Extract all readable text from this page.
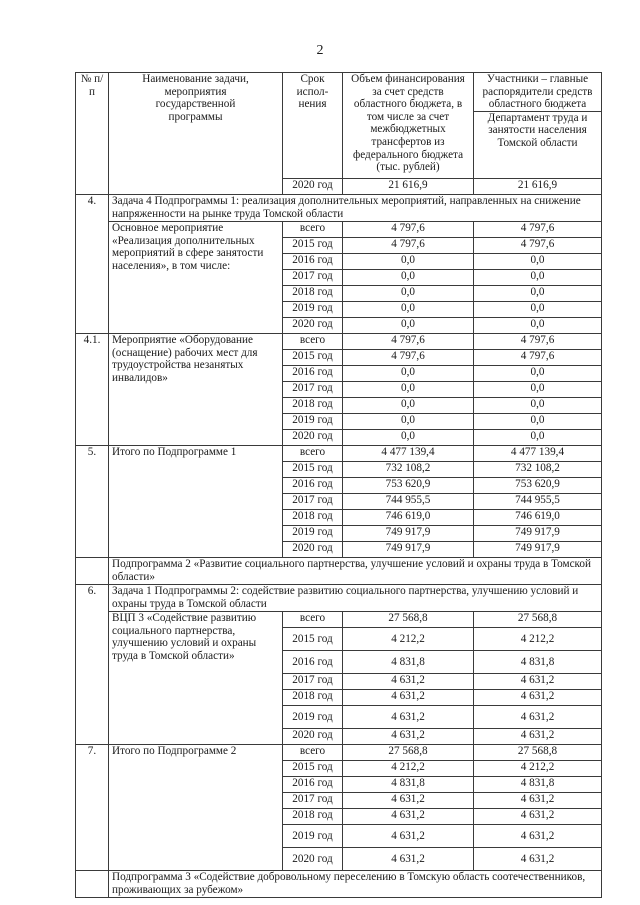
2
№ п/п	Наименование задачи, мероприятия государственной программы	Срок испол-нения	Объем финансирования за счет средств областного бюджета, в том числе за счет межбюджетных трансфертов из федерального бюджета (тыс. рублей)	Участники – главные распорядители средств областного бюджета
				Департамент труда и занятости населения Томской области
		2020 год	21 616,9	21 616,9
4.	Задача 4 Подпрограммы 1: реализация дополнительных мероприятий, направленных на снижение напряженности на рынке труда Томской области			
	Основное мероприятие «Реализация дополнительных мероприятий в сфере занятости населения», в том числе:	всего	4 797,6	4 797,6
		2015 год	4 797,6	4 797,6
		2016 год	0,0	0,0
		2017 год	0,0	0,0
		2018 год	0,0	0,0
		2019 год	0,0	0,0
		2020 год	0,0	0,0
4.1.	Мероприятие «Оборудование (оснащение) рабочих мест для трудоустройства незанятых инвалидов»	всего	4 797,6	4 797,6
		2015 год	4 797,6	4 797,6
		2016 год	0,0	0,0
		2017 год	0,0	0,0
		2018 год	0,0	0,0
		2019 год	0,0	0,0
		2020 год	0,0	0,0
5.	Итого по Подпрограмме 1	всего	4 477 139,4	4 477 139,4
		2015 год	732 108,2	732 108,2
		2016 год	753 620,9	753 620,9
		2017 год	744 955,5	744 955,5
		2018 год	746 619,0	746 619,0
		2019 год	749 917,9	749 917,9
		2020 год	749 917,9	749 917,9
	Подпрограмма 2 «Развитие социального партнерства, улучшение условий и охраны труда в Томской области»			
6.	Задача 1 Подпрограммы 2: содействие развитию социального партнерства, улучшению условий и охраны труда в Томской области			
	ВЦП 3 «Содействие развитию социального партнерства, улучшению условий и охраны труда в Томской области»	всего	27 568,8	27 568,8
		2015 год	4 212,2	4 212,2
		2016 год	4 831,8	4 831,8
		2017 год	4 631,2	4 631,2
		2018 год	4 631,2	4 631,2
		2019 год	4 631,2	4 631,2
		2020 год	4 631,2	4 631,2
7.	Итого по Подпрограмме 2	всего	27 568,8	27 568,8
		2015 год	4 212,2	4 212,2
		2016 год	4 831,8	4 831,8
		2017 год	4 631,2	4 631,2
		2018 год	4 631,2	4 631,2
		2019 год	4 631,2	4 631,2
		2020 год	4 631,2	4 631,2
	Подпрограмма 3 «Содействие добровольному переселению в Томскую область соотечественников, проживающих за рубежом»			
